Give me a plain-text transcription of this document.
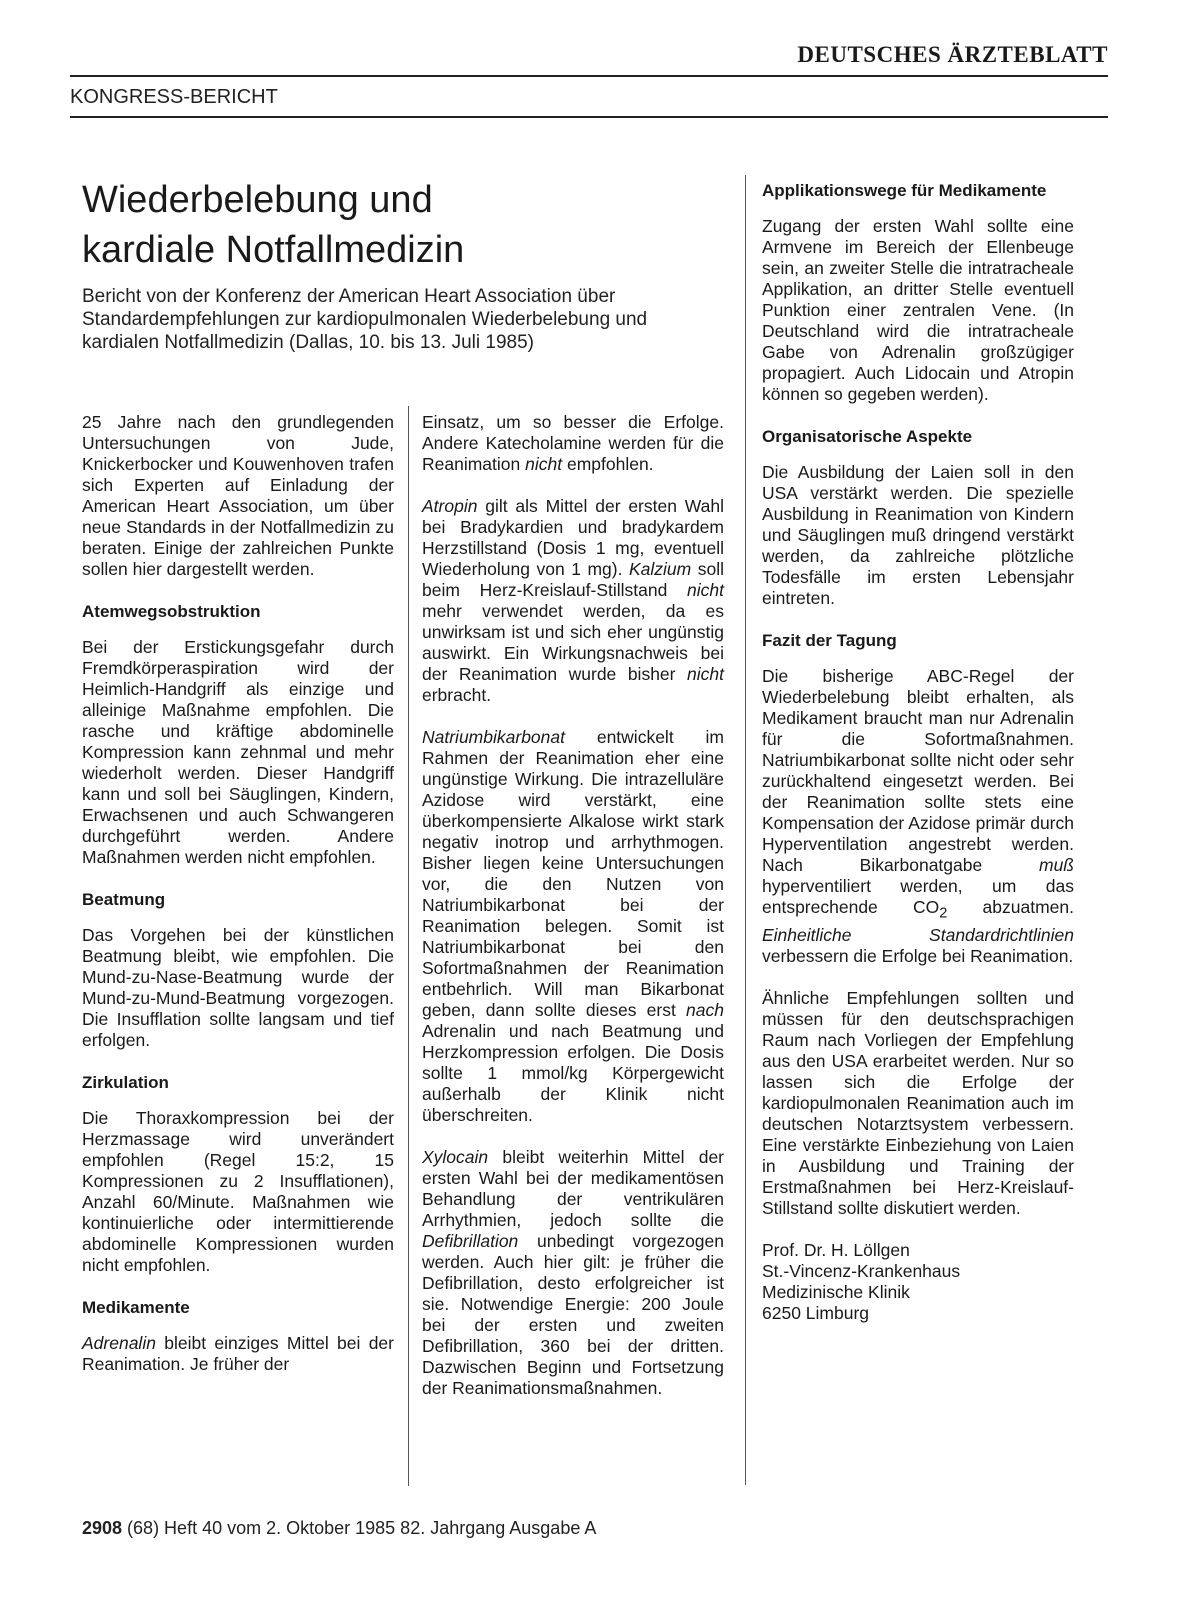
DEUTSCHES ÄRZTEBLATT
KONGRESS-BERICHT
Wiederbelebung und
kardiale Notfallmedizin
Bericht von der Konferenz der American Heart Association über Standardempfehlungen zur kardiopulmonalen Wiederbelebung und kardialen Notfallmedizin (Dallas, 10. bis 13. Juli 1985)

25 Jahre nach den grundlegenden Untersuchungen von Jude, Knickerbocker und Kouwenhoven trafen sich Experten auf Einladung der American Heart Association, um über neue Standards in der Notfallmedizin zu beraten. Einige der zahlreichen Punkte sollen hier dargestellt werden.

Atemwegsobstruktion

Bei der Erstickungsgefahr durch Fremdkörperaspiration wird der Heimlich-Handgriff als einzige und alleinige Maßnahme empfohlen. Die rasche und kräftige abdominelle Kompression kann zehnmal und mehr wiederholt werden. Dieser Handgriff kann und soll bei Säuglingen, Kindern, Erwachsenen und auch Schwangeren durchgeführt werden. Andere Maßnahmen werden nicht empfohlen.

Beatmung

Das Vorgehen bei der künstlichen Beatmung bleibt, wie empfohlen. Die Mund-zu-Nase-Beatmung wurde der Mund-zu-Mund-Beatmung vorgezogen. Die Insufflation sollte langsam und tief erfolgen.

Zirkulation

Die Thoraxkompression bei der Herzmassage wird unverändert empfohlen (Regel 15:2, 15 Kompressionen zu 2 Insufflationen), Anzahl 60/Minute. Maßnahmen wie kontinuierliche oder intermittierende abdominelle Kompressionen wurden nicht empfohlen.

Medikamente

Adrenalin bleibt einziges Mittel bei der Reanimation. Je früher der

Einsatz, um so besser die Erfolge. Andere Katecholamine werden für die Reanimation nicht empfohlen.

Atropin gilt als Mittel der ersten Wahl bei Bradykardien und bradykardem Herzstillstand (Dosis 1 mg, eventuell Wiederholung von 1 mg). Kalzium soll beim Herz-Kreislauf-Stillstand nicht mehr verwendet werden, da es unwirksam ist und sich eher ungünstig auswirkt. Ein Wirkungsnachweis bei der Reanimation wurde bisher nicht erbracht.

Natriumbikarbonat entwickelt im Rahmen der Reanimation eher eine ungünstige Wirkung. Die intrazelluläre Azidose wird verstärkt, eine überkompensierte Alkalose wirkt stark negativ inotrop und arrhythmogen. Bisher liegen keine Untersuchungen vor, die den Nutzen von Natriumbikarbonat bei der Reanimation belegen. Somit ist Natriumbikarbonat bei den Sofortmaßnahmen der Reanimation entbehrlich. Will man Bikarbonat geben, dann sollte dieses erst nach Adrenalin und nach Beatmung und Herzkompression erfolgen. Die Dosis sollte 1 mmol/kg Körpergewicht außerhalb der Klinik nicht überschreiten.

Xylocain bleibt weiterhin Mittel der ersten Wahl bei der medikamentösen Behandlung der ventrikulären Arrhythmien, jedoch sollte die Defibrillation unbedingt vorgezogen werden. Auch hier gilt: je früher die Defibrillation, desto erfolgreicher ist sie. Notwendige Energie: 200 Joule bei der ersten und zweiten Defibrillation, 360 bei der dritten. Dazwischen Beginn und Fortsetzung der Reanimationsmaßnahmen.

Applikationswege für Medikamente

Zugang der ersten Wahl sollte eine Armvene im Bereich der Ellenbeuge sein, an zweiter Stelle die intratracheale Applikation, an dritter Stelle eventuell Punktion einer zentralen Vene. (In Deutschland wird die intratracheale Gabe von Adrenalin großzügiger propagiert. Auch Lidocain und Atropin können so gegeben werden).

Organisatorische Aspekte

Die Ausbildung der Laien soll in den USA verstärkt werden. Die spezielle Ausbildung in Reanimation von Kindern und Säuglingen muß dringend verstärkt werden, da zahlreiche plötzliche Todesfälle im ersten Lebensjahr eintreten.

Fazit der Tagung

Die bisherige ABC-Regel der Wiederbelebung bleibt erhalten, als Medikament braucht man nur Adrenalin für die Sofortmaßnahmen. Natriumbikarbonat sollte nicht oder sehr zurückhaltend eingesetzt werden. Bei der Reanimation sollte stets eine Kompensation der Azidose primär durch Hyperventilation angestrebt werden. Nach Bikarbonatgabe muß hyperventiliert werden, um das entsprechende $CO_2$ abzuatmen. Einheitliche Standardrichtlinien verbessern die Erfolge bei Reanimation.

Ähnliche Empfehlungen sollten und müssen für den deutschsprachigen Raum nach Vorliegen der Empfehlung aus den USA erarbeitet werden. Nur so lassen sich die Erfolge der kardiopulmonalen Reanimation auch im deutschen Notarztsystem verbessern. Eine verstärkte Einbeziehung von Laien in Ausbildung und Training der Erstmaßnahmen bei Herz-Kreislauf-Stillstand sollte diskutiert werden.

Prof. Dr. H. Löllgen

St.-Vincenz-Krankenhaus

Medizinische Klinik

6250 Limburg

2908 (68) Heft 40 vom 2. Oktober 1985 82. Jahrgang Ausgabe A
